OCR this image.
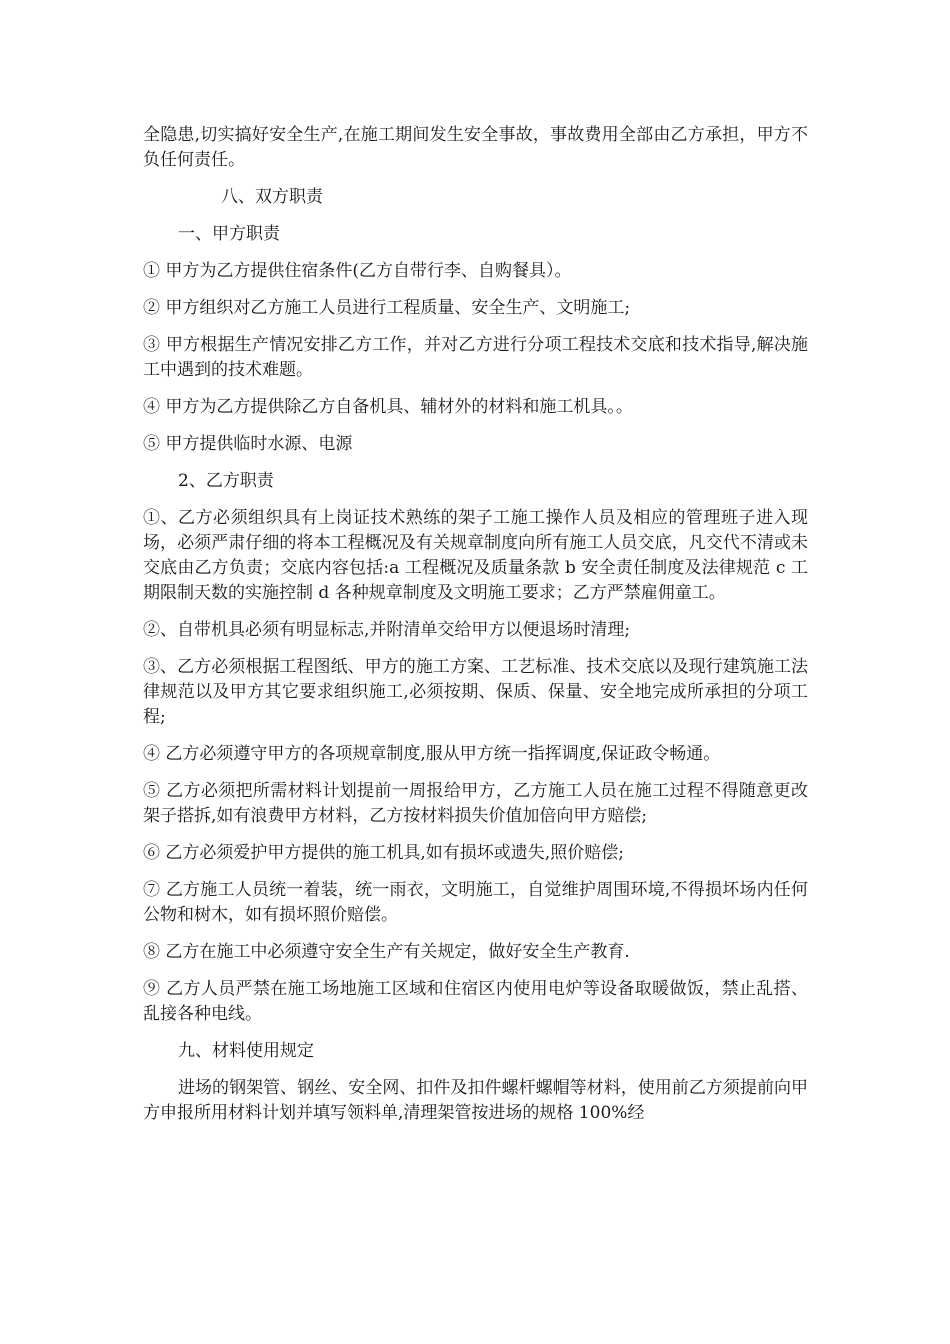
全隐患,切实搞好安全生产,在施工期间发生安全事故，事故费用全部由乙方承担，甲方不负任何责任。

八、双方职责

一、甲方职责

① 甲方为乙方提供住宿条件(乙方自带行李、自购餐具）。

② 甲方组织对乙方施工人员进行工程质量、安全生产、文明施工;

③ 甲方根据生产情况安排乙方工作，并对乙方进行分项工程技术交底和技术指导,解决施工中遇到的技术难题。

④ 甲方为乙方提供除乙方自备机具、辅材外的材料和施工机具。。

⑤ 甲方提供临时水源、电源

2、乙方职责

①、乙方必须组织具有上岗证技术熟练的架子工施工操作人员及相应的管理班子进入现场，必须严肃仔细的将本工程概况及有关规章制度向所有施工人员交底，凡交代不清或未交底由乙方负责；交底内容包括:a 工程概况及质量条款 b 安全责任制度及法律规范 c 工期限制天数的实施控制 d 各种规章制度及文明施工要求；乙方严禁雇佣童工。

②、自带机具必须有明显标志,并附清单交给甲方以便退场时清理;

③、乙方必须根据工程图纸、甲方的施工方案、工艺标准、技术交底以及现行建筑施工法律规范以及甲方其它要求组织施工,必须按期、保质、保量、安全地完成所承担的分项工程;

④ 乙方必须遵守甲方的各项规章制度,服从甲方统一指挥调度,保证政令畅通。

⑤ 乙方必须把所需材料计划提前一周报给甲方，乙方施工人员在施工过程不得随意更改架子搭拆,如有浪费甲方材料，乙方按材料损失价值加倍向甲方赔偿;

⑥ 乙方必须爱护甲方提供的施工机具,如有损坏或遗失,照价赔偿;

⑦ 乙方施工人员统一着装，统一雨衣，文明施工，自觉维护周围环境,不得损坏场内任何公物和树木，如有损坏照价赔偿。

⑧ 乙方在施工中必须遵守安全生产有关规定，做好安全生产教育.

⑨ 乙方人员严禁在施工场地施工区域和住宿区内使用电炉等设备取暖做饭，禁止乱搭、乱接各种电线。

九、材料使用规定

进场的钢架管、钢丝、安全网、扣件及扣件螺杆螺帽等材料，使用前乙方须提前向甲方申报所用材料计划并填写领料单,清理架管按进场的规格 100%经
